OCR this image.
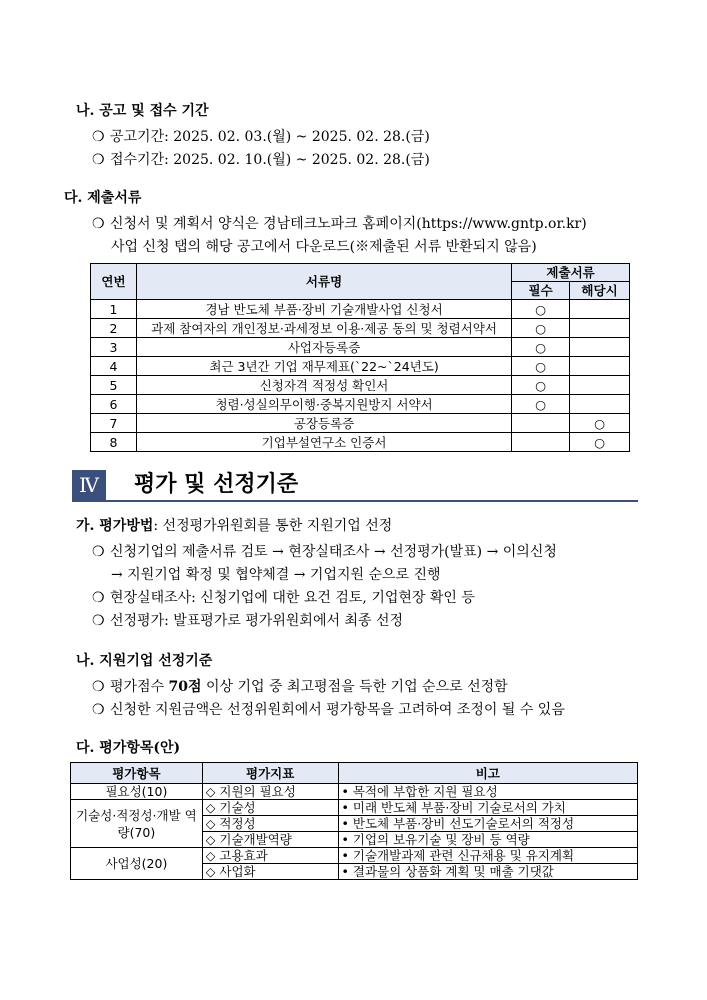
나. 공고 및 접수 기간
❍ 공고기간: 2025. 02. 03.(월) ~ 2025. 02. 28.(금)
❍ 접수기간: 2025. 02. 10.(월) ~ 2025. 02. 28.(금)
다. 제출서류
❍ 신청서 및 계획서 양식은 경남테크노파크 홈페이지(https://www.gntp.or.kr)
사업 신청 탭의 해당 공고에서 다운로드(※제출된 서류 반환되지 않음)
연번	서류명	제출서류	
		필수	해당시
1	경남 반도체 부품·장비 기술개발사업 신청서	○	
2	과제 참여자의 개인정보·과세정보 이용·제공 동의 및 청렴서약서	○	
3	사업자등록증	○	
4	최근 3년간 기업 재무제표(`22~`24년도)	○	
5	신청자격 적정성 확인서	○	
6	청렴·성실의무이행·중복지원방지 서약서	○	
7	공장등록증		○
8	기업부설연구소 인증서		○
Ⅳ	평가 및 선정기준
가. 평가방법: 선정평가위원회를 통한 지원기업 선정
❍ 신청기업의 제출서류 검토 → 현장실태조사 → 선정평가(발표) → 이의신청
→ 지원기업 확정 및 협약체결 → 기업지원 순으로 진행
❍ 현장실태조사: 신청기업에 대한 요건 검토, 기업현장 확인 등
❍ 선정평가: 발표평가로 평가위원회에서 최종 선정
나. 지원기업 선정기준
❍ 평가점수 70점 이상 기업 중 최고평점을 득한 기업 순으로 선정함
❍ 신청한 지원금액은 선정위원회에서 평가항목을 고려하여 조정이 될 수 있음
다. 평가항목(안)
평가항목	평가지표	비고
필요성(10)	◇ 지원의 필요성	• 목적에 부합한 지원 필요성
기술성·적정성·개발 역량(70)	◇ 기술성	• 미래 반도체 부품·장비 기술로서의 가치
	◇ 적정성	• 반도체 부품·장비 선도기술로서의 적정성
	◇ 기술개발역량	• 기업의 보유기술 및 장비 등 역량
사업성(20)	◇ 고용효과	• 기술개발과제 관련 신규채용 및 유지계획
	◇ 사업화	• 결과물의 상품화 계획 및 매출 기댓값
